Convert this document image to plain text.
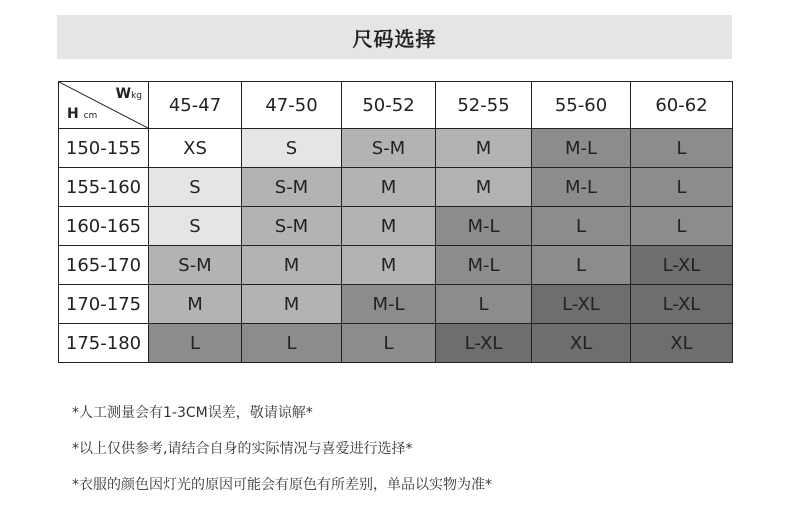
尺码选择
Wkg
H cm	45-47	47-50	50-52	52-55	55-60	60-62
150-155	XS	S	S-M	M	M-L	L
155-160	S	S-M	M	M	M-L	L
160-165	S	S-M	M	M-L	L	L
165-170	S-M	M	M	M-L	L	L-XL
170-175	M	M	M-L	L	L-XL	L-XL
175-180	L	L	L	L-XL	XL	XL
*人工测量会有1-3CM误差，敬请谅解*
*以上仅供参考,请结合自身的实际情况与喜爱进行选择*
*衣服的颜色因灯光的原因可能会有原色有所差别，单品以实物为准*
